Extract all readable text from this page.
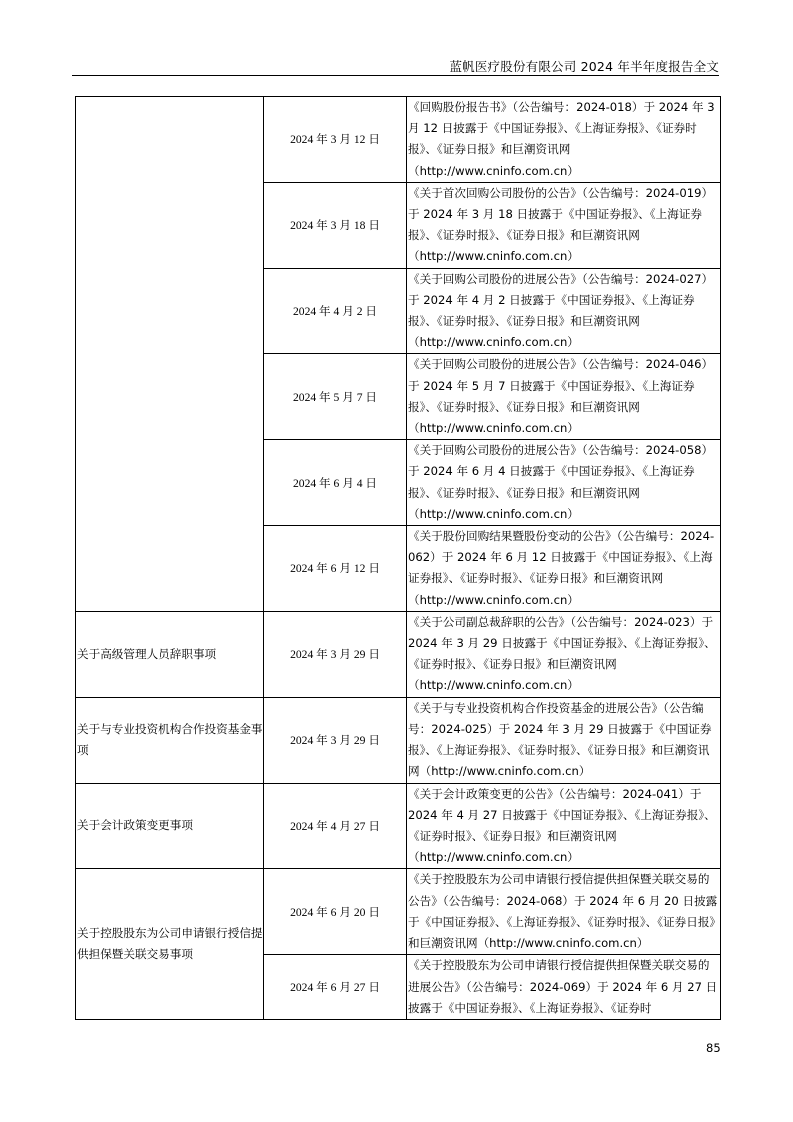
蓝帆医疗股份有限公司 2024 年半年度报告全文
	2024 年 3 月 12 日	《回购股份报告书》（公告编号：2024-018）于 2024 年 3 月 12 日披露于《中国证券报》、《上海证券报》、《证券时报》、《证券日报》和巨潮资讯网（http://www.cninfo.com.cn）
	2024 年 3 月 18 日	《关于首次回购公司股份的公告》（公告编号：2024-019）于 2024 年 3 月 18 日披露于《中国证券报》、《上海证券报》、《证券时报》、《证券日报》和巨潮资讯网（http://www.cninfo.com.cn）
	2024 年 4 月 2 日	《关于回购公司股份的进展公告》（公告编号：2024-027）于 2024 年 4 月 2 日披露于《中国证券报》、《上海证券报》、《证券时报》、《证券日报》和巨潮资讯网（http://www.cninfo.com.cn）
	2024 年 5 月 7 日	《关于回购公司股份的进展公告》（公告编号：2024-046）于 2024 年 5 月 7 日披露于《中国证券报》、《上海证券报》、《证券时报》、《证券日报》和巨潮资讯网（http://www.cninfo.com.cn）
	2024 年 6 月 4 日	《关于回购公司股份的进展公告》（公告编号：2024-058）于 2024 年 6 月 4 日披露于《中国证券报》、《上海证券报》、《证券时报》、《证券日报》和巨潮资讯网（http://www.cninfo.com.cn）
	2024 年 6 月 12 日	《关于股份回购结果暨股份变动的公告》（公告编号：2024-062）于 2024 年 6 月 12 日披露于《中国证券报》、《上海证券报》、《证券时报》、《证券日报》和巨潮资讯网（http://www.cninfo.com.cn）
关于高级管理人员辞职事项	2024 年 3 月 29 日	《关于公司副总裁辞职的公告》（公告编号：2024-023）于 2024 年 3 月 29 日披露于《中国证券报》、《上海证券报》、《证券时报》、《证券日报》和巨潮资讯网（http://www.cninfo.com.cn）
关于与专业投资机构合作投资基金事项	2024 年 3 月 29 日	《关于与专业投资机构合作投资基金的进展公告》（公告编号：2024-025）于 2024 年 3 月 29 日披露于《中国证券报》、《上海证券报》、《证券时报》、《证券日报》和巨潮资讯网（http://www.cninfo.com.cn）
关于会计政策变更事项	2024 年 4 月 27 日	《关于会计政策变更的公告》（公告编号：2024-041）于 2024 年 4 月 27 日披露于《中国证券报》、《上海证券报》、《证券时报》、《证券日报》和巨潮资讯网（http://www.cninfo.com.cn）
关于控股股东为公司申请银行授信提供担保暨关联交易事项	2024 年 6 月 20 日	《关于控股股东为公司申请银行授信提供担保暨关联交易的公告》（公告编号：2024-068）于 2024 年 6 月 20 日披露于《中国证券报》、《上海证券报》、《证券时报》、《证券日报》和巨潮资讯网（http://www.cninfo.com.cn）
	2024 年 6 月 27 日	《关于控股股东为公司申请银行授信提供担保暨关联交易的进展公告》（公告编号：2024-069）于 2024 年 6 月 27 日披露于《中国证券报》、《上海证券报》、《证券时
85
